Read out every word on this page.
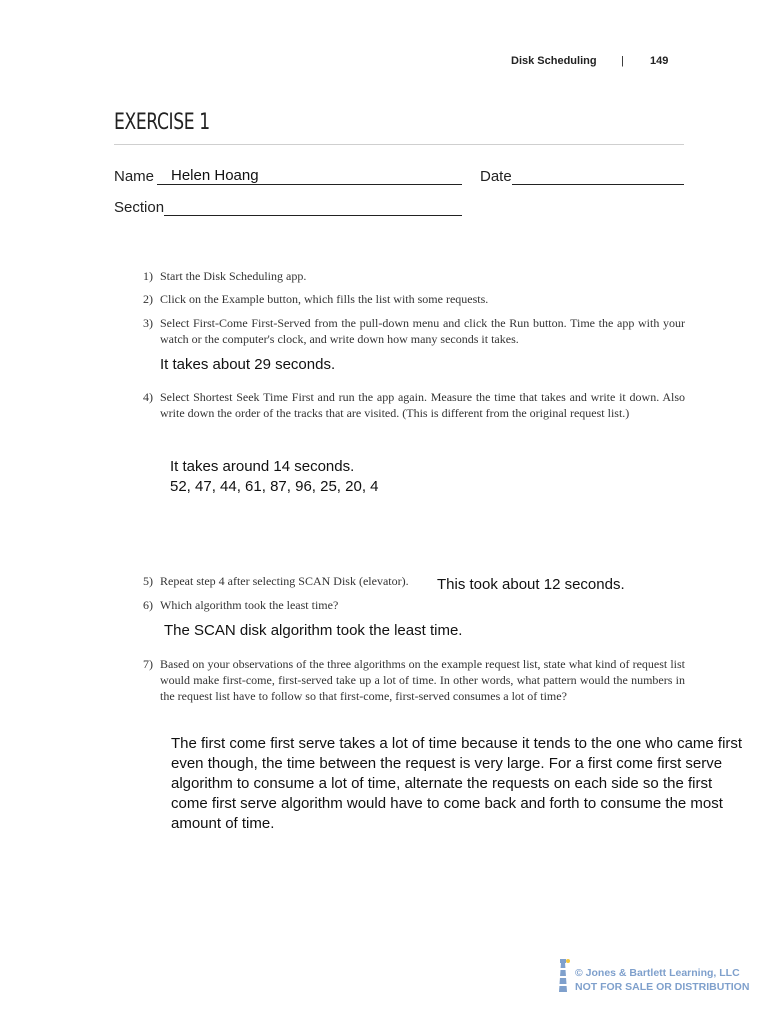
Disk Scheduling | 149
EXERCISE 1
Name Helen Hoang	Date
Section
1) Start the Disk Scheduling app.
2) Click on the Example button, which fills the list with some requests.
3) Select First-Come First-Served from the pull-down menu and click the Run button. Time the app with your watch or the computer's clock, and write down how many seconds it takes.
It takes about 29 seconds.
4) Select Shortest Seek Time First and run the app again. Measure the time that takes and write it down. Also write down the order of the tracks that are visited. (This is different from the original request list.)
It takes around 14 seconds.
52, 47, 44, 61, 87, 96, 25, 20, 4
5) Repeat step 4 after selecting SCAN Disk (elevator).	This took about 12 seconds.
6) Which algorithm took the least time?
The SCAN disk algorithm took the least time.
7) Based on your observations of the three algorithms on the example request list, state what kind of request list would make first-come, first-served take up a lot of time. In other words, what pattern would the numbers in the request list have to follow so that first-come, first-served consumes a lot of time?
The first come first serve takes a lot of time because it tends to the one who came first even though, the time between the request is very large. For a first come first serve algorithm to consume a lot of time, alternate the requests on each side so the first come first serve algorithm would have to come back and forth to consume the most amount of time.
© Jones & Bartlett Learning, LLC
NOT FOR SALE OR DISTRIBUTION
